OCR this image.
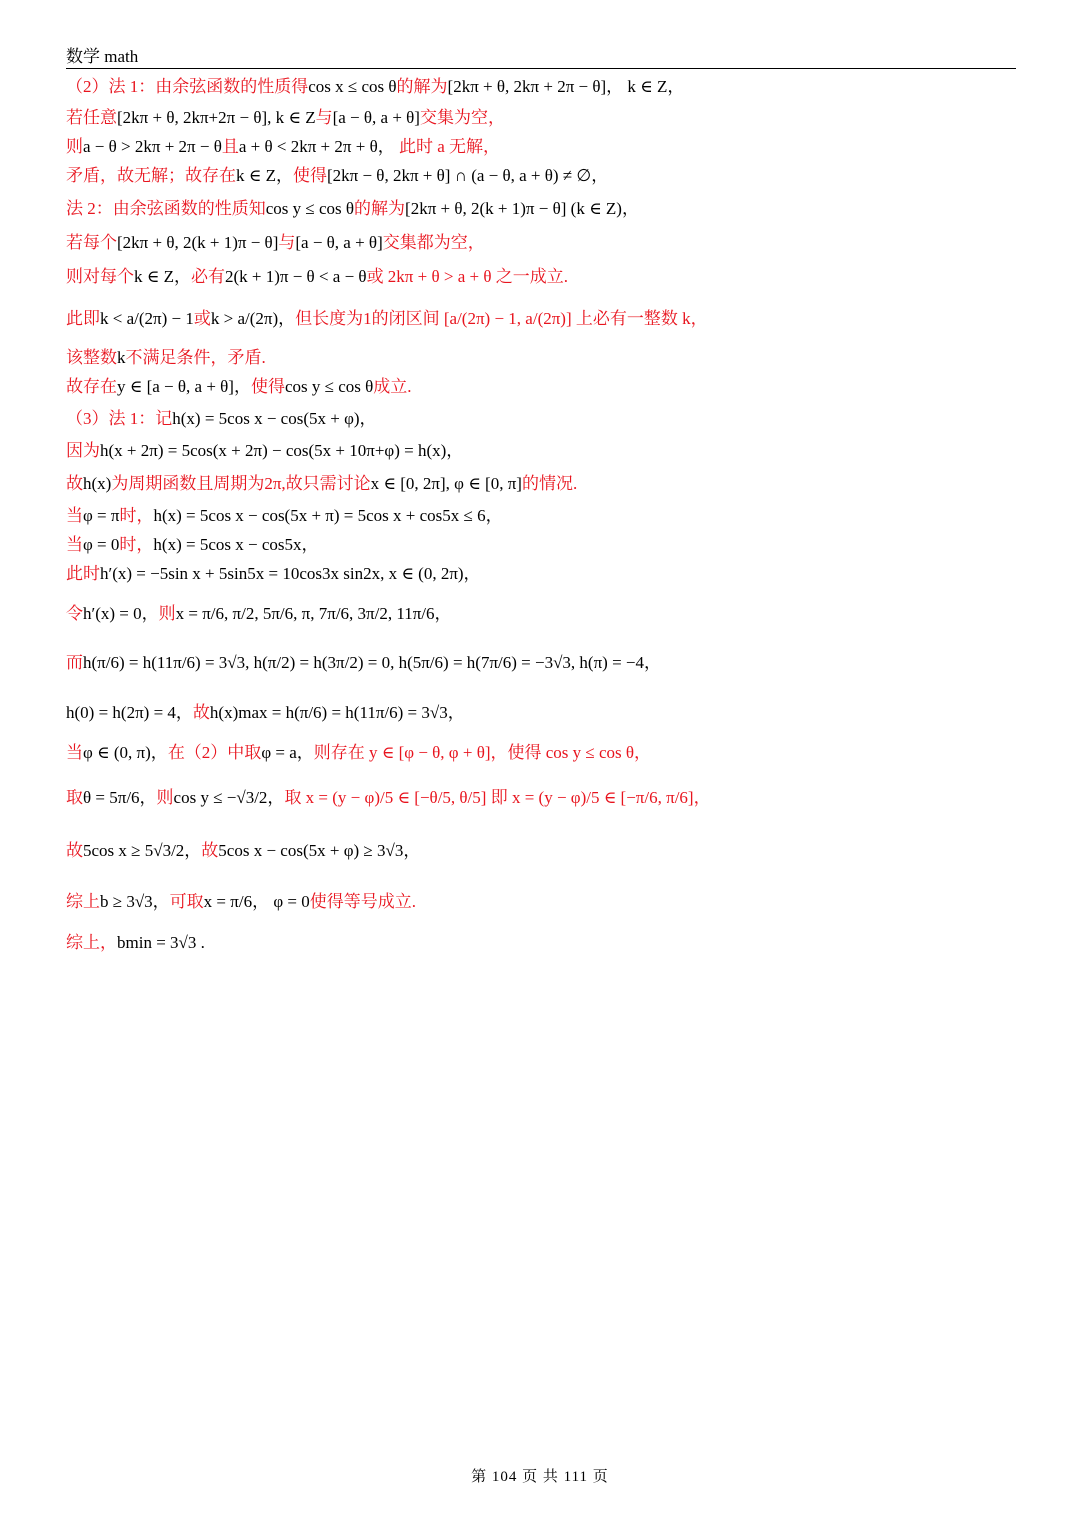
数学 math
（2）法 1：由余弦函数的性质得cos x ≤ cos θ的解为[2kπ + θ, 2kπ + 2π − θ]， k ∈ Z，
若任意[2kπ + θ, 2kπ+2π − θ], k ∈ Z与[a − θ, a + θ]交集为空，
则a − θ > 2kπ + 2π − θ且a + θ < 2kπ + 2π + θ， 此时 a 无解，
矛盾，故无解；故存在k ∈ Z，使得[2kπ − θ, 2kπ + θ] ∩ (a − θ, a + θ) ≠ ∅，
法 2：由余弦函数的性质知cos y ≤ cos θ的解为[2kπ + θ, 2(k + 1)π − θ] (k ∈ Z)，
若每个[2kπ + θ, 2(k + 1)π − θ]与[a − θ, a + θ]交集都为空，
则对每个k ∈ Z，必有2(k + 1)π − θ < a − θ或 2kπ + θ > a + θ 之一成立.
此即k < a/(2π) − 1或k > a/(2π)，但长度为1的闭区间 [a/(2π) − 1, a/(2π)] 上必有一整数 k，
该整数k不满足条件，矛盾.
故存在y ∈ [a − θ, a + θ]，使得cos y ≤ cos θ成立.
（3）法 1：记h(x) = 5cos x − cos(5x + φ)，
因为h(x + 2π) = 5cos(x + 2π) − cos(5x + 10π+φ) = h(x)，
故h(x)为周期函数且周期为2π,故只需讨论x ∈ [0, 2π], φ ∈ [0, π]的情况.
当φ = π时，h(x) = 5cos x − cos(5x + π) = 5cos x + cos5x ≤ 6，
当φ = 0时，h(x) = 5cos x − cos5x，
此时h′(x) = −5sin x + 5sin5x = 10cos3x sin2x, x ∈ (0, 2π)，
令h′(x) = 0，则x = π/6, π/2, 5π/6, π, 7π/6, 3π/2, 11π/6，
而h(π/6) = h(11π/6) = 3√3, h(π/2) = h(3π/2) = 0, h(5π/6) = h(7π/6) = −3√3, h(π) = −4，
h(0) = h(2π) = 4，故h(x)max = h(π/6) = h(11π/6) = 3√3，
当φ ∈ (0, π)，在（2）中取φ = a，则存在 y ∈ [φ − θ, φ + θ]，使得 cos y ≤ cos θ，
取θ = 5π/6，则cos y ≤ −√3/2，取 x = (y − φ)/5 ∈ [−θ/5, θ/5] 即 x = (y − φ)/5 ∈ [−π/6, π/6]，
故5cos x ≥ 5√3/2，故5cos x − cos(5x + φ) ≥ 3√3，
综上b ≥ 3√3，可取x = π/6， φ = 0使得等号成立.
综上，bmin = 3√3 .
第 104 页 共 111 页
